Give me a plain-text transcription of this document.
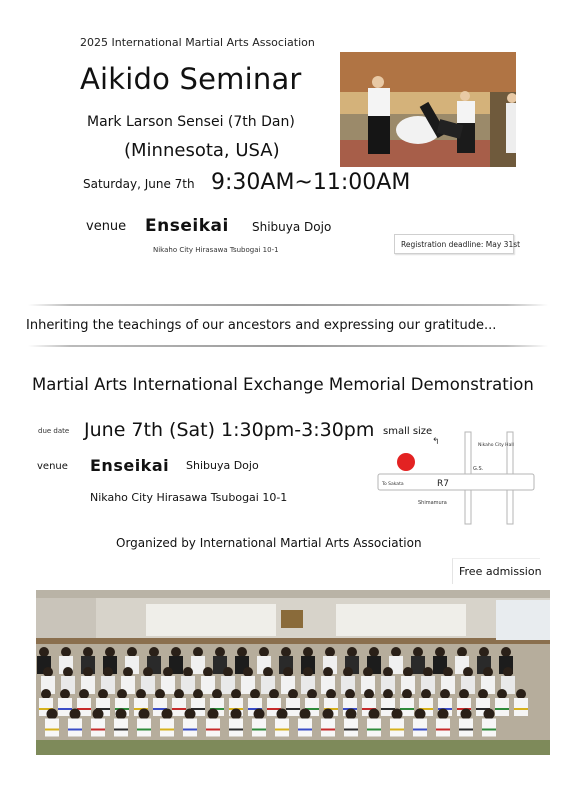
2025 International Martial Arts Association
Aikido Seminar
Mark Larson Sensei (7th Dan)
(Minnesota, USA)
Saturday, June 7th 9:30AM~11:00AM
venue Enseikai Shibuya Dojo
Nikaho City Hirasawa Tsubogai 10-1
Registration deadline: May 31st
Inheriting the teachings of our ancestors and expressing our gratitude...
Martial Arts International Exchange Memorial Demonstration
due date June 7th (Sat) 1:30pm-3:30pm
venue Enseikai Shibuya Dojo
Nikaho City Hirasawa Tsubogai 10-1
Organized by International Martial Arts Association
Free admission
small size
↰	Nikaho City Hall
G.S.
R7
To Sakata
Shimamura
